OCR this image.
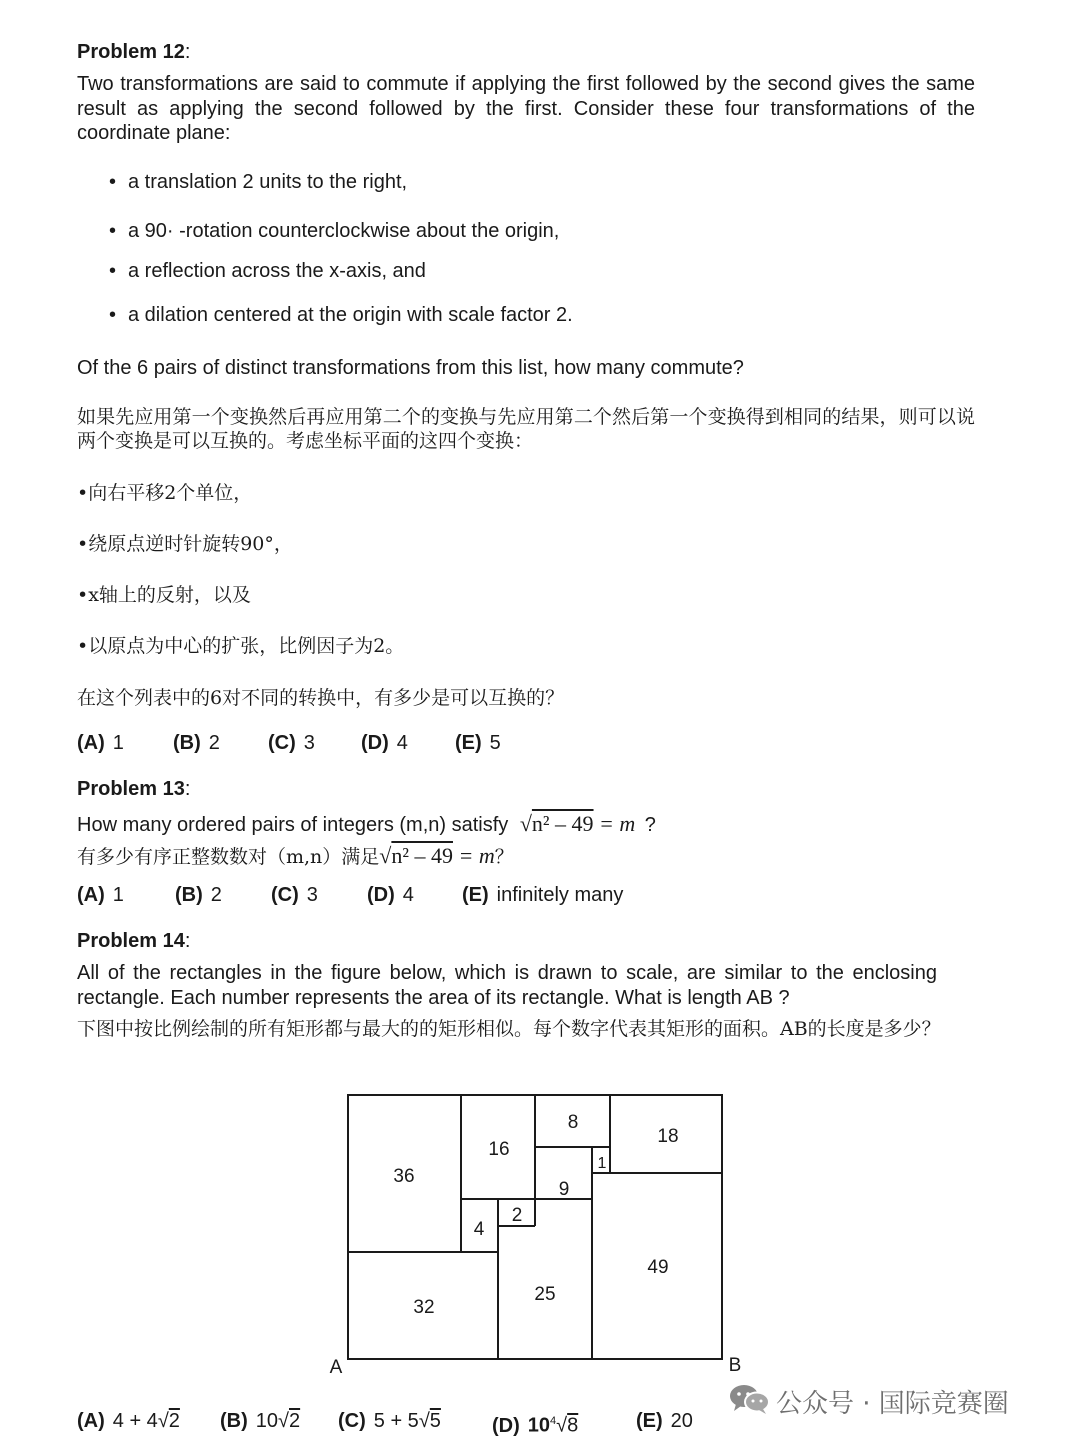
Problem 12:
Two transformations are said to commute if applying the first followed by the second gives the same result as applying the second followed by the first. Consider these four transformations of the coordinate plane:
• a translation 2 units to the right,
• a 90· -rotation counterclockwise about the origin,
• a reflection across the x-axis, and
• a dilation centered at the origin with scale factor 2.
Of the 6 pairs of distinct transformations from this list, how many commute?
如果先应用第一个变换然后再应用第二个的变换与先应用第二个然后第一个变换得到相同的结果，则可以说两个变换是可以互换的。考虑坐标平面的这四个变换：
•向右平移2个单位，
•绕原点逆时针旋转90°，
•x轴上的反射，以及
•以原点为中心的扩张，比例因子为2。
在这个列表中的6对不同的转换中，有多少是可以互换的？
(A) 1 (B) 2 (C) 3 (D) 4 (E) 5
Problem 13:
How many ordered pairs of integers (m,n) satisfy √n² – 49 = m ?
有多少有序正整数数对（m,n）满足√n² – 49 = m？
(A) 1	(B) 2 (C) 3 (D) 4 (E) infinitely many
Problem 14:
All of the rectangles in the figure below, which is drawn to scale, are similar to the enclosing rectangle. Each number represents the area of its rectangle. What is length AB ?
下图中按比例绘制的所有矩形都与最大的的矩形相似。每个数字代表其矩形的面积。AB的长度是多少？
36
16
8
18
9
1
4
2
32
25
49
A	B
(A) 4 + 4√2 (B) 10√2 (C) 5 + 5√5	(D) $10^4√8$	(E) 20
公众号 · 国际竞赛圈
